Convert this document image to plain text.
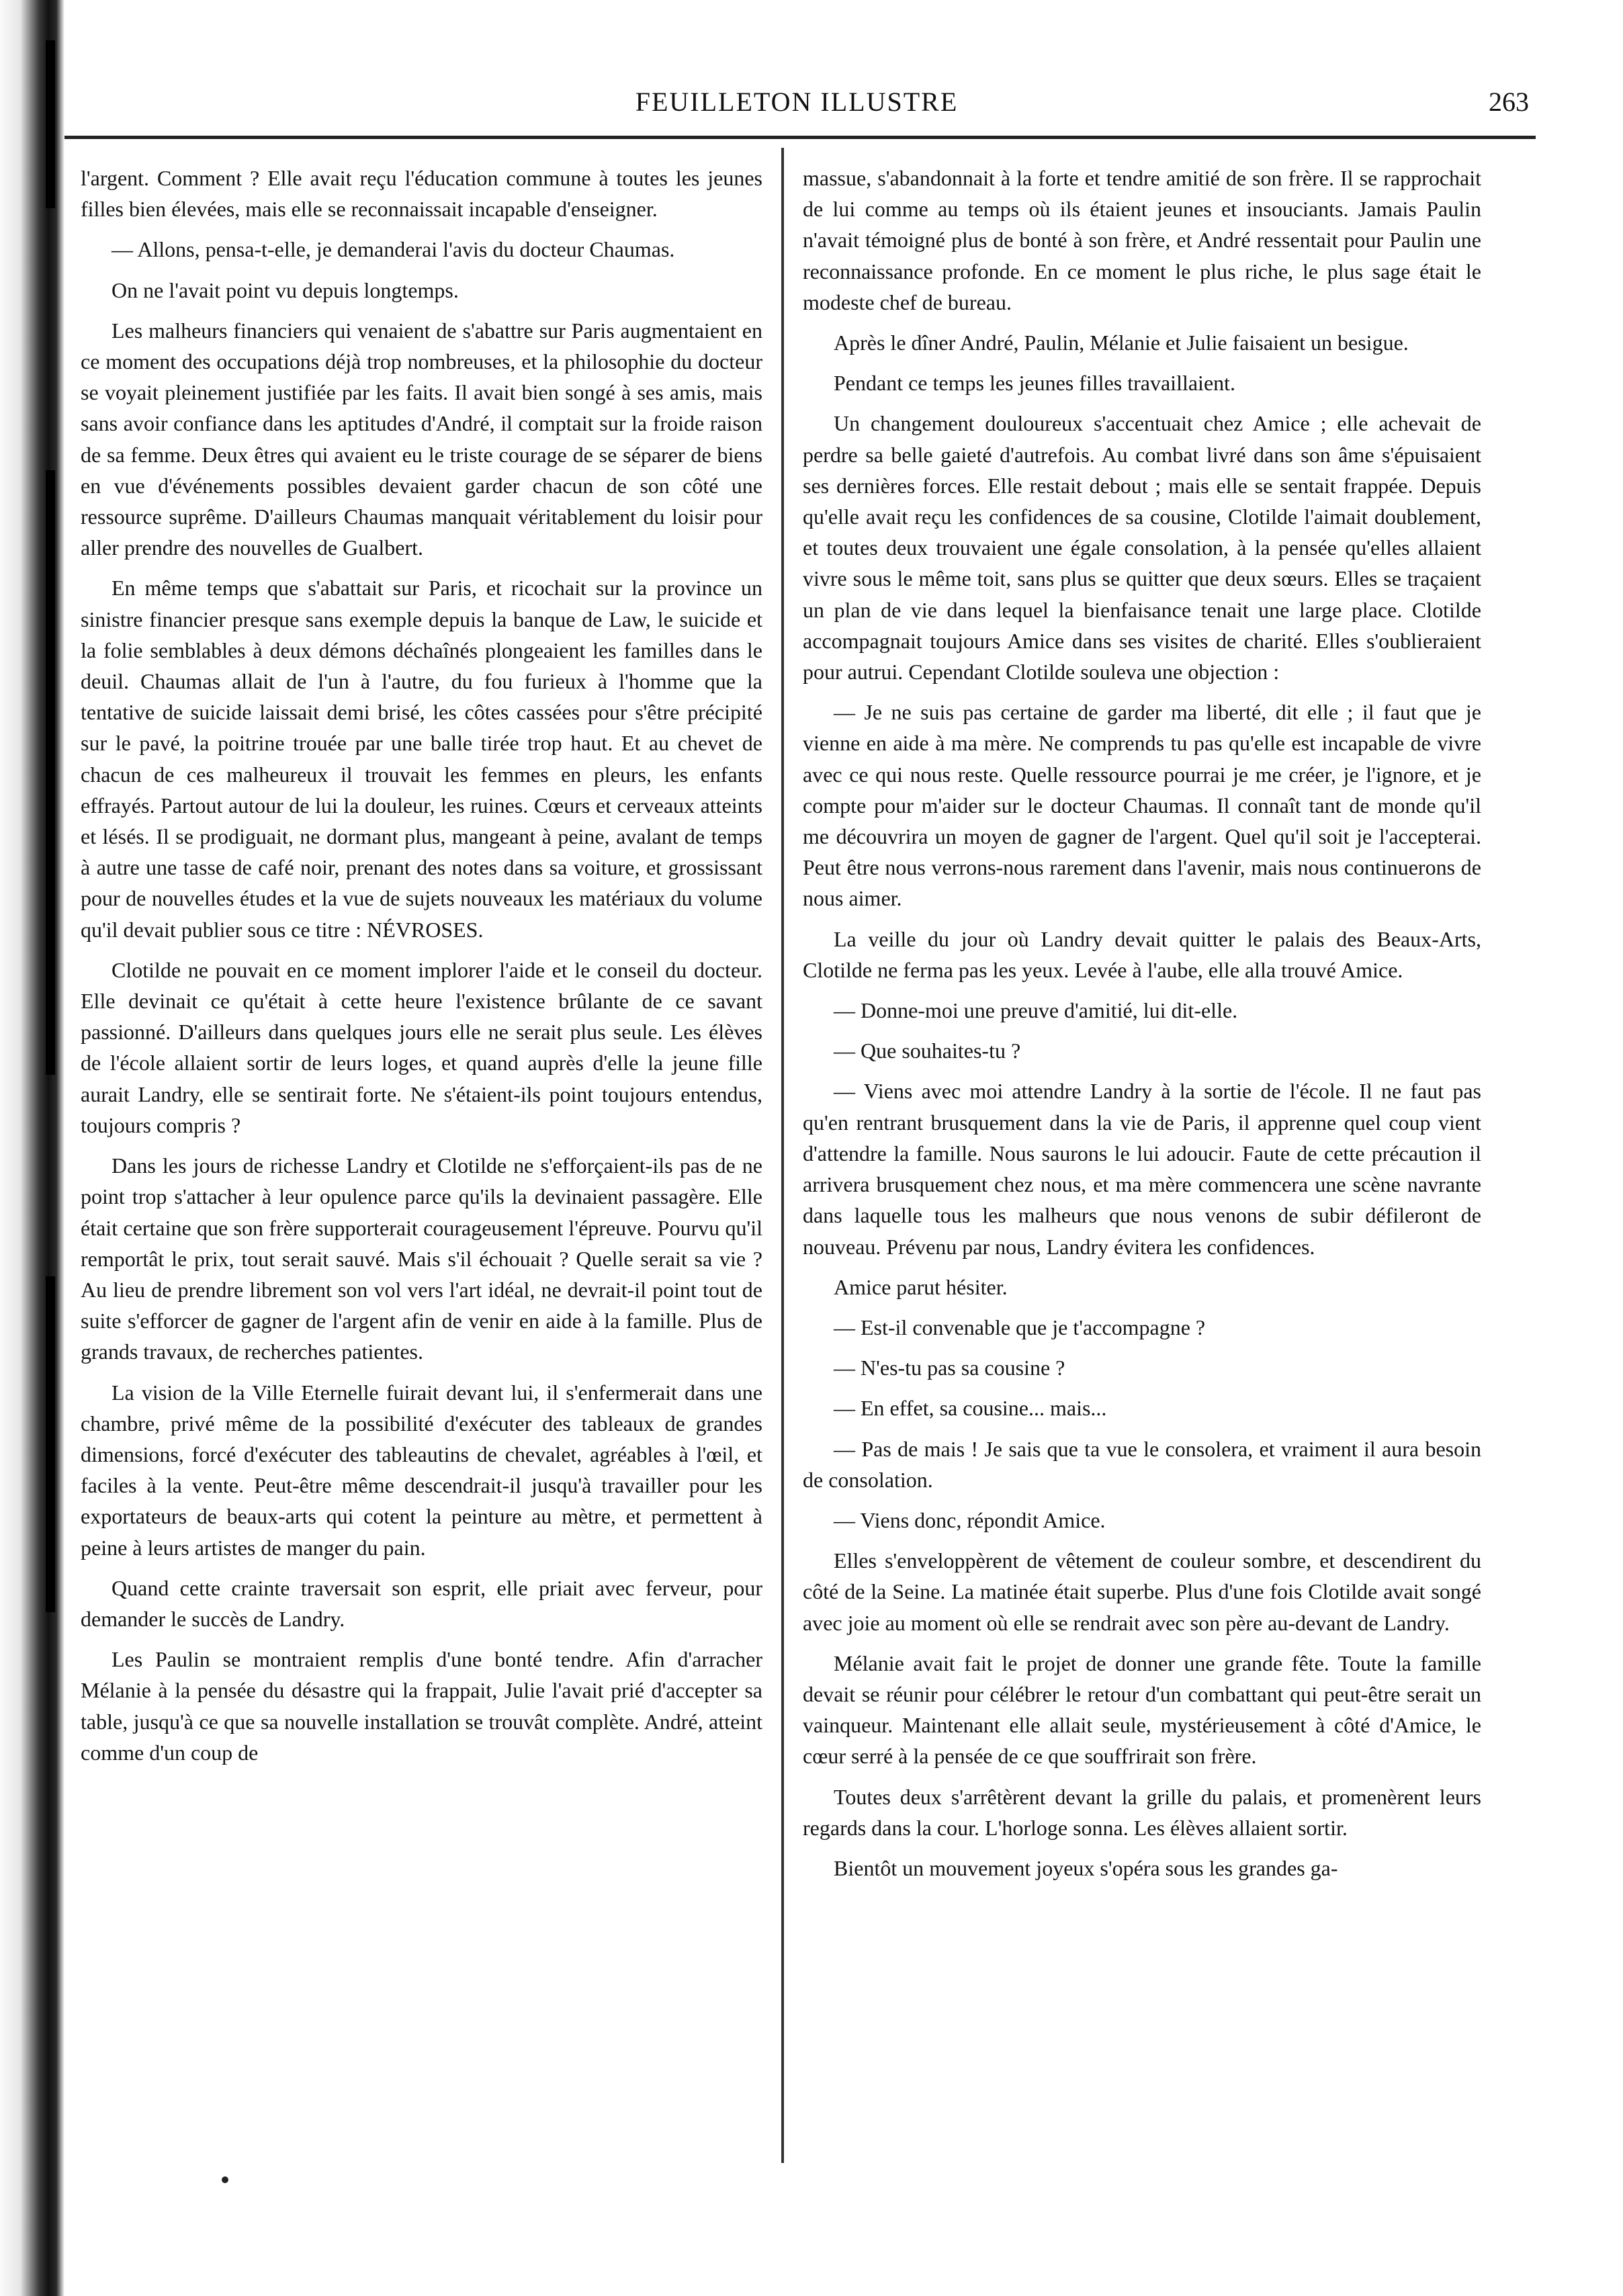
FEUILLETON ILLUSTRE	263

l'argent. Comment ? Elle avait reçu l'éducation commune à toutes les jeunes filles bien élevées, mais elle se reconnaissait incapable d'enseigner.

— Allons, pensa-t-elle, je demanderai l'avis du docteur Chaumas.

On ne l'avait point vu depuis longtemps.

Les malheurs financiers qui venaient de s'abattre sur Paris augmentaient en ce moment des occupations déjà trop nombreuses, et la philosophie du docteur se voyait pleinement justifiée par les faits. Il avait bien songé à ses amis, mais sans avoir confiance dans les aptitudes d'André, il comptait sur la froide raison de sa femme. Deux êtres qui avaient eu le triste courage de se séparer de biens en vue d'événements possibles devaient garder chacun de son côté une ressource suprême. D'ailleurs Chaumas manquait véritablement du loisir pour aller prendre des nouvelles de Gualbert.

En même temps que s'abattait sur Paris, et ricochait sur la province un sinistre financier presque sans exemple depuis la banque de Law, le suicide et la folie semblables à deux démons déchaînés plongeaient les familles dans le deuil. Chaumas allait de l'un à l'autre, du fou furieux à l'homme que la tentative de suicide laissait demi brisé, les côtes cassées pour s'être précipité sur le pavé, la poitrine trouée par une balle tirée trop haut. Et au chevet de chacun de ces malheureux il trouvait les femmes en pleurs, les enfants effrayés. Partout autour de lui la douleur, les ruines. Cœurs et cerveaux atteints et lésés. Il se prodiguait, ne dormant plus, mangeant à peine, avalant de temps à autre une tasse de café noir, prenant des notes dans sa voiture, et grossissant pour de nouvelles études et la vue de sujets nouveaux les matériaux du volume qu'il devait publier sous ce titre : NÉVROSES.

Clotilde ne pouvait en ce moment implorer l'aide et le conseil du docteur. Elle devinait ce qu'était à cette heure l'existence brûlante de ce savant passionné. D'ailleurs dans quelques jours elle ne serait plus seule. Les élèves de l'école allaient sortir de leurs loges, et quand auprès d'elle la jeune fille aurait Landry, elle se sentirait forte. Ne s'étaient-ils point toujours entendus, toujours compris ?

Dans les jours de richesse Landry et Clotilde ne s'efforçaient-ils pas de ne point trop s'attacher à leur opulence parce qu'ils la devinaient passagère. Elle était certaine que son frère supporterait courageusement l'épreuve. Pourvu qu'il remportât le prix, tout serait sauvé. Mais s'il échouait ? Quelle serait sa vie ? Au lieu de prendre librement son vol vers l'art idéal, ne devrait-il point tout de suite s'efforcer de gagner de l'argent afin de venir en aide à la famille. Plus de grands travaux, de recherches patientes.

La vision de la Ville Eternelle fuirait devant lui, il s'enfermerait dans une chambre, privé même de la possibilité d'exécuter des tableaux de grandes dimensions, forcé d'exécuter des tableautins de chevalet, agréables à l'œil, et faciles à la vente. Peut-être même descendrait-il jusqu'à travailler pour les exportateurs de beaux-arts qui cotent la peinture au mètre, et permettent à peine à leurs artistes de manger du pain.

Quand cette crainte traversait son esprit, elle priait avec ferveur, pour demander le succès de Landry.

Les Paulin se montraient remplis d'une bonté tendre. Afin d'arracher Mélanie à la pensée du désastre qui la frappait, Julie l'avait prié d'accepter sa table, jusqu'à ce que sa nouvelle installation se trouvât complète. André, atteint comme d'un coup de

massue, s'abandonnait à la forte et tendre amitié de son frère. Il se rapprochait de lui comme au temps où ils étaient jeunes et insouciants. Jamais Paulin n'avait témoigné plus de bonté à son frère, et André ressentait pour Paulin une reconnaissance profonde. En ce moment le plus riche, le plus sage était le modeste chef de bureau.

Après le dîner André, Paulin, Mélanie et Julie faisaient un besigue.

Pendant ce temps les jeunes filles travaillaient.

Un changement douloureux s'accentuait chez Amice ; elle achevait de perdre sa belle gaieté d'autrefois. Au combat livré dans son âme s'épuisaient ses dernières forces. Elle restait debout ; mais elle se sentait frappée. Depuis qu'elle avait reçu les confidences de sa cousine, Clotilde l'aimait doublement, et toutes deux trouvaient une égale consolation, à la pensée qu'elles allaient vivre sous le même toit, sans plus se quitter que deux sœurs. Elles se traçaient un plan de vie dans lequel la bienfaisance tenait une large place. Clotilde accompagnait toujours Amice dans ses visites de charité. Elles s'oublieraient pour autrui. Cependant Clotilde souleva une objection :

— Je ne suis pas certaine de garder ma liberté, dit elle ; il faut que je vienne en aide à ma mère. Ne comprends tu pas qu'elle est incapable de vivre avec ce qui nous reste. Quelle ressource pourrai je me créer, je l'ignore, et je compte pour m'aider sur le docteur Chaumas. Il connaît tant de monde qu'il me découvrira un moyen de gagner de l'argent. Quel qu'il soit je l'accepterai. Peut être nous verrons-nous rarement dans l'avenir, mais nous continuerons de nous aimer.

La veille du jour où Landry devait quitter le palais des Beaux-Arts, Clotilde ne ferma pas les yeux. Levée à l'aube, elle alla trouvé Amice.

— Donne-moi une preuve d'amitié, lui dit-elle.

— Que souhaites-tu ?

— Viens avec moi attendre Landry à la sortie de l'école. Il ne faut pas qu'en rentrant brusquement dans la vie de Paris, il apprenne quel coup vient d'attendre la famille. Nous saurons le lui adoucir. Faute de cette précaution il arrivera brusquement chez nous, et ma mère commencera une scène navrante dans laquelle tous les malheurs que nous venons de subir défileront de nouveau. Prévenu par nous, Landry évitera les confidences.

Amice parut hésiter.

— Est-il convenable que je t'accompagne ?

— N'es-tu pas sa cousine ?

— En effet, sa cousine... mais...

— Pas de mais ! Je sais que ta vue le consolera, et vraiment il aura besoin de consolation.

— Viens donc, répondit Amice.

Elles s'enveloppèrent de vêtement de couleur sombre, et descendirent du côté de la Seine. La matinée était superbe. Plus d'une fois Clotilde avait songé avec joie au moment où elle se rendrait avec son père au-devant de Landry.

Mélanie avait fait le projet de donner une grande fête. Toute la famille devait se réunir pour célébrer le retour d'un combattant qui peut-être serait un vainqueur. Maintenant elle allait seule, mystérieusement à côté d'Amice, le cœur serré à la pensée de ce que souffrirait son frère.

Toutes deux s'arrêtèrent devant la grille du palais, et promenèrent leurs regards dans la cour. L'horloge sonna. Les élèves allaient sortir.

Bientôt un mouvement joyeux s'opéra sous les grandes ga-
